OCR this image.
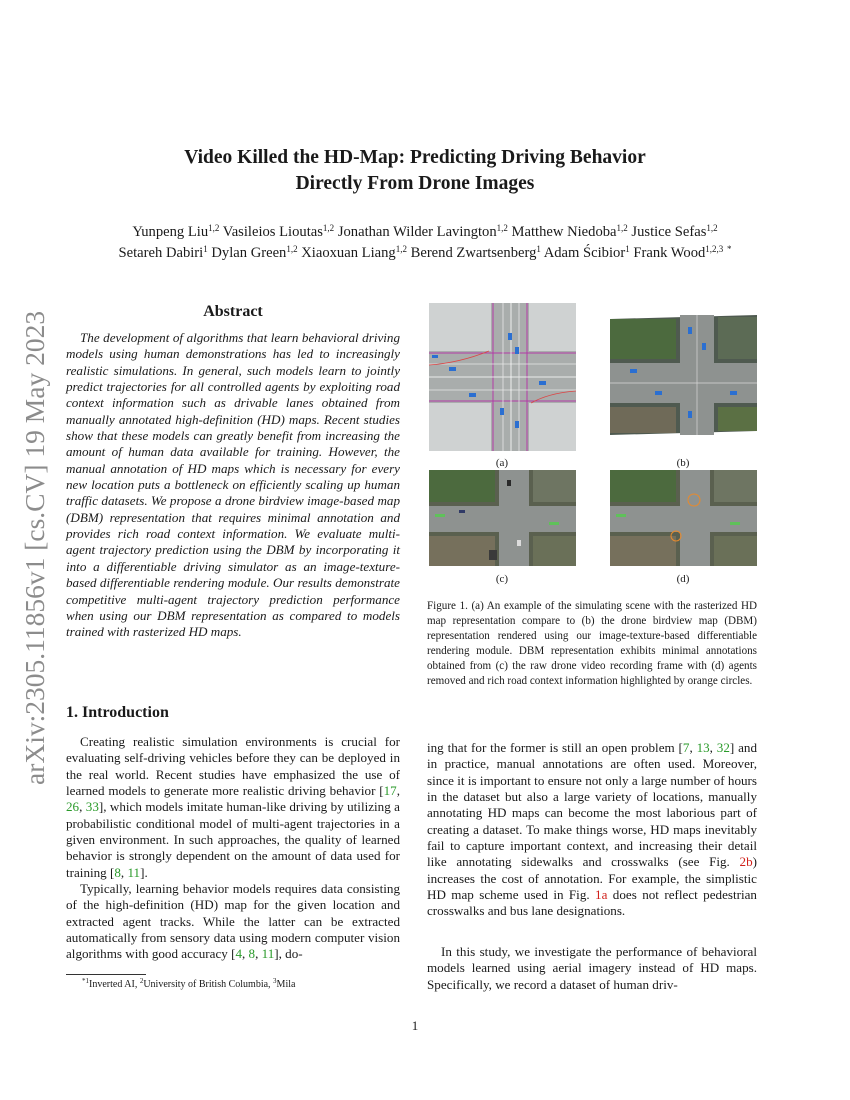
arXiv:2305.11856v1 [cs.CV] 19 May 2023
Video Killed the HD-Map: Predicting Driving Behavior
Directly From Drone Images
Yunpeng Liu$^{1,2}$ Vasileios Lioutas$^{1,2}$ Jonathan Wilder Lavington$^{1,2}$ Matthew Niedoba$^{1,2}$ Justice Sefas$^{1,2}$
Setareh Dabiri$^1$ Dylan Green$^{1,2}$ Xiaoxuan Liang$^{1,2}$ Berend Zwartsenberg$^1$ Adam Ścibior$^1$ Frank Wood$^{1,2,3}$ *
Abstract
The development of algorithms that learn behavioral driving models using human demonstrations has led to increasingly realistic simulations. In general, such models learn to jointly predict trajectories for all controlled agents by exploiting road context information such as drivable lanes obtained from manually annotated high-definition (HD) maps. Recent studies show that these models can greatly benefit from increasing the amount of human data available for training. However, the manual annotation of HD maps which is necessary for every new location puts a bottleneck on efficiently scaling up human traffic datasets. We propose a drone birdview image-based map (DBM) representation that requires minimal annotation and provides rich road context information. We evaluate multi-agent trajectory prediction using the DBM by incorporating it into a differentiable driving simulator as an image-texture-based differentiable rendering module. Our results demonstrate competitive multi-agent trajectory prediction performance when using our DBM representation as compared to models trained with rasterized HD maps.
1. Introduction
Creating realistic simulation environments is crucial for evaluating self-driving vehicles before they can be deployed in the real world. Recent studies have emphasized the use of learned models to generate more realistic driving behavior [17, 26, 33], which models imitate human-like driving by utilizing a probabilistic conditional model of multi-agent trajectories in a given environment. In such approaches, the quality of learned behavior is strongly dependent on the amount of data used for training [8, 11].
Typically, learning behavior models requires data consisting of the high-definition (HD) map for the given location and extracted agent tracks. While the latter can be extracted automatically from sensory data using modern computer vision algorithms with good accuracy [4, 8, 11], do-
ing that for the former is still an open problem [7, 13, 32] and in practice, manual annotations are often used. Moreover, since it is important to ensure not only a large number of hours in the dataset but also a large variety of locations, manually annotating HD maps can become the most laborious part of creating a dataset. To make things worse, HD maps inevitably fail to capture important context, and increasing their detail like annotating sidewalks and crosswalks (see Fig. 2b) increases the cost of annotation. For example, the simplistic HD map scheme used in Fig. 1a does not reflect pedestrian crosswalks and bus lane designations.
In this study, we investigate the performance of behavioral models learned using aerial imagery instead of HD maps. Specifically, we record a dataset of human driv-
(a)	(b)
(c)	(d)
Figure 1. (a) An example of the simulating scene with the rasterized HD map representation compare to (b) the drone birdview map (DBM) representation rendered using our image-texture-based differentiable rendering module. DBM representation exhibits minimal annotations obtained from (c) the raw drone video recording frame with (d) agents removed and rich road context information highlighted by orange circles.
$^{*1}$Inverted AI, $^2$University of British Columbia, $^3$Mila
1
